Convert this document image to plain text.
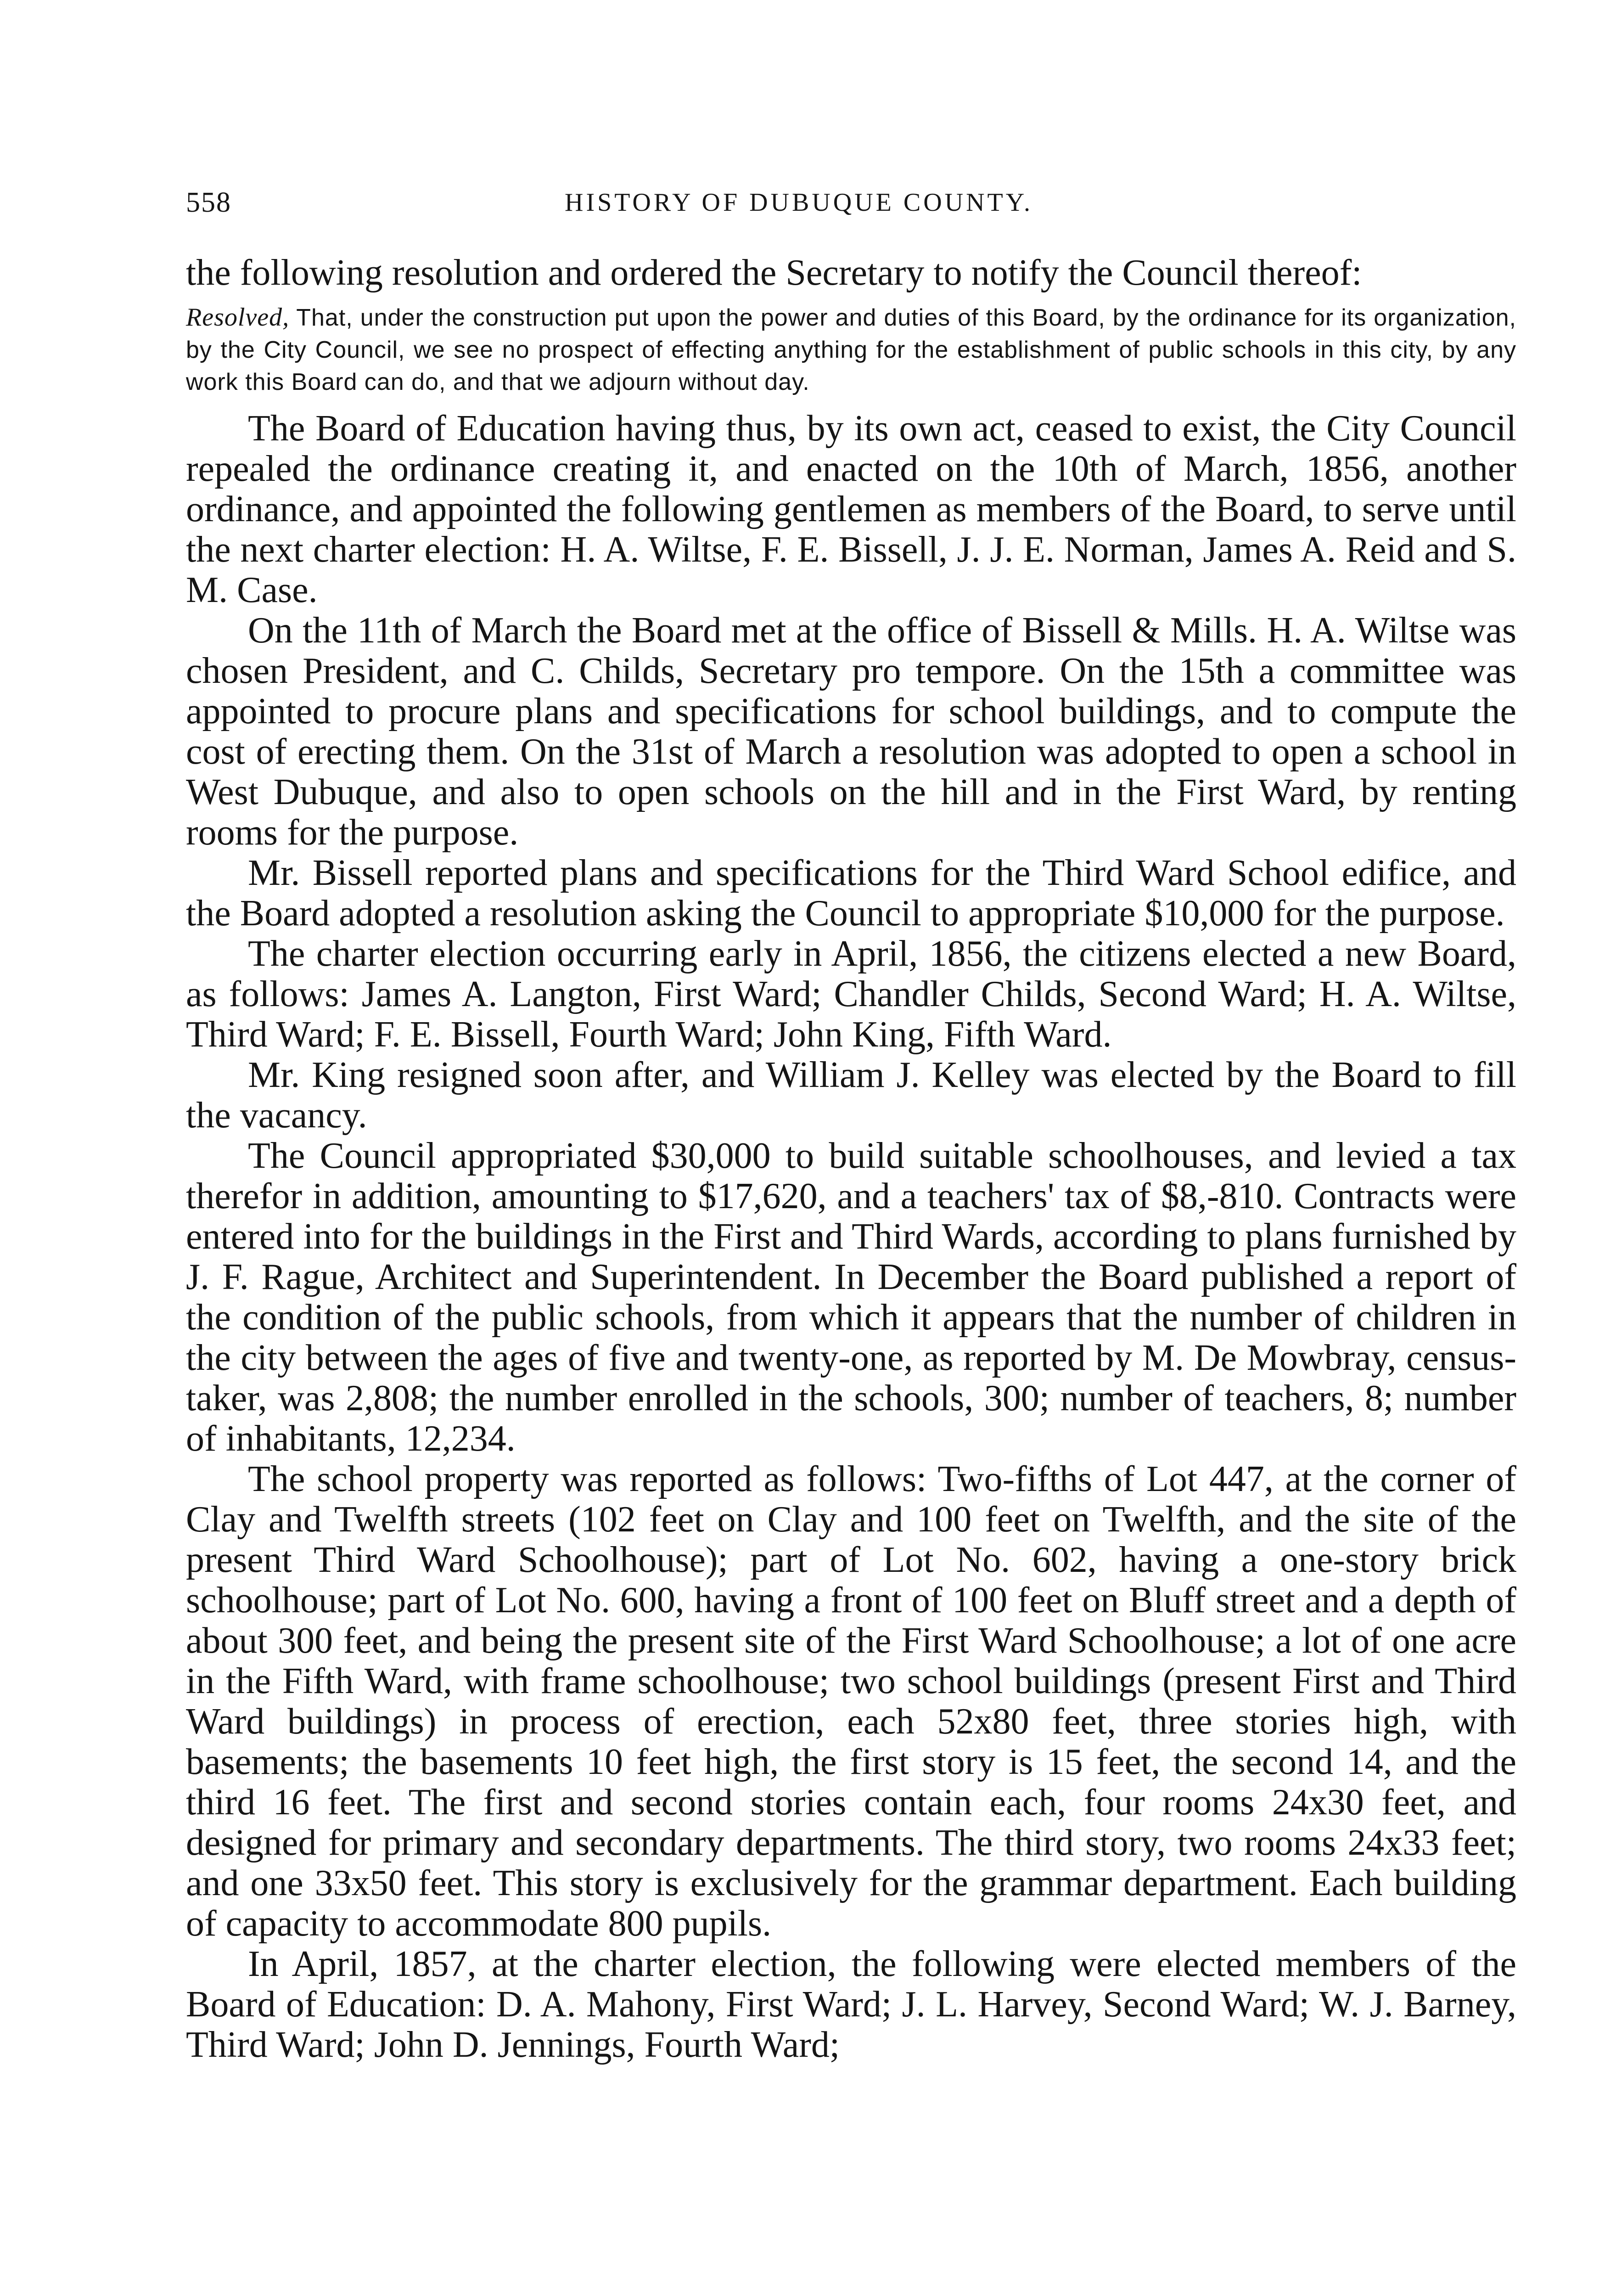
558	HISTORY OF DUBUQUE COUNTY.

the following resolution and ordered the Secretary to notify the Council thereof:

Resolved, That, under the construction put upon the power and duties of this Board, by the ordinance for its organization, by the City Council, we see no prospect of effecting anything for the establishment of public schools in this city, by any work this Board can do, and that we adjourn without day.

The Board of Education having thus, by its own act, ceased to exist, the City Council repealed the ordinance creating it, and enacted on the 10th of March, 1856, another ordinance, and appointed the following gentlemen as members of the Board, to serve until the next charter election: H. A. Wiltse, F. E. Bissell, J. J. E. Norman, James A. Reid and S. M. Case.

On the 11th of March the Board met at the office of Bissell & Mills. H. A. Wiltse was chosen President, and C. Childs, Secretary pro tempore. On the 15th a committee was appointed to procure plans and specifications for school buildings, and to compute the cost of erecting them. On the 31st of March a resolution was adopted to open a school in West Dubuque, and also to open schools on the hill and in the First Ward, by renting rooms for the purpose.

Mr. Bissell reported plans and specifications for the Third Ward School edifice, and the Board adopted a resolution asking the Council to appropriate $10,000 for the purpose.

The charter election occurring early in April, 1856, the citizens elected a new Board, as follows: James A. Langton, First Ward; Chandler Childs, Second Ward; H. A. Wiltse, Third Ward; F. E. Bissell, Fourth Ward; John King, Fifth Ward.

Mr. King resigned soon after, and William J. Kelley was elected by the Board to fill the vacancy.

The Council appropriated $30,000 to build suitable schoolhouses, and levied a tax therefor in addition, amounting to $17,620, and a teachers' tax of $8,-810. Contracts were entered into for the buildings in the First and Third Wards, according to plans furnished by J. F. Rague, Architect and Superintendent. In December the Board published a report of the condition of the public schools, from which it appears that the number of children in the city between the ages of five and twenty-one, as reported by M. De Mowbray, census-taker, was 2,808; the number enrolled in the schools, 300; number of teachers, 8; number of inhabitants, 12,234.

The school property was reported as follows: Two-fifths of Lot 447, at the corner of Clay and Twelfth streets (102 feet on Clay and 100 feet on Twelfth, and the site of the present Third Ward Schoolhouse); part of Lot No. 602, having a one-story brick schoolhouse; part of Lot No. 600, having a front of 100 feet on Bluff street and a depth of about 300 feet, and being the present site of the First Ward Schoolhouse; a lot of one acre in the Fifth Ward, with frame schoolhouse; two school buildings (present First and Third Ward buildings) in process of erection, each 52x80 feet, three stories high, with basements; the basements 10 feet high, the first story is 15 feet, the second 14, and the third 16 feet. The first and second stories contain each, four rooms 24x30 feet, and designed for primary and secondary departments. The third story, two rooms 24x33 feet; and one 33x50 feet. This story is exclusively for the grammar department. Each building of capacity to accommodate 800 pupils.

In April, 1857, at the charter election, the following were elected members of the Board of Education: D. A. Mahony, First Ward; J. L. Harvey, Second Ward; W. J. Barney, Third Ward; John D. Jennings, Fourth Ward;
